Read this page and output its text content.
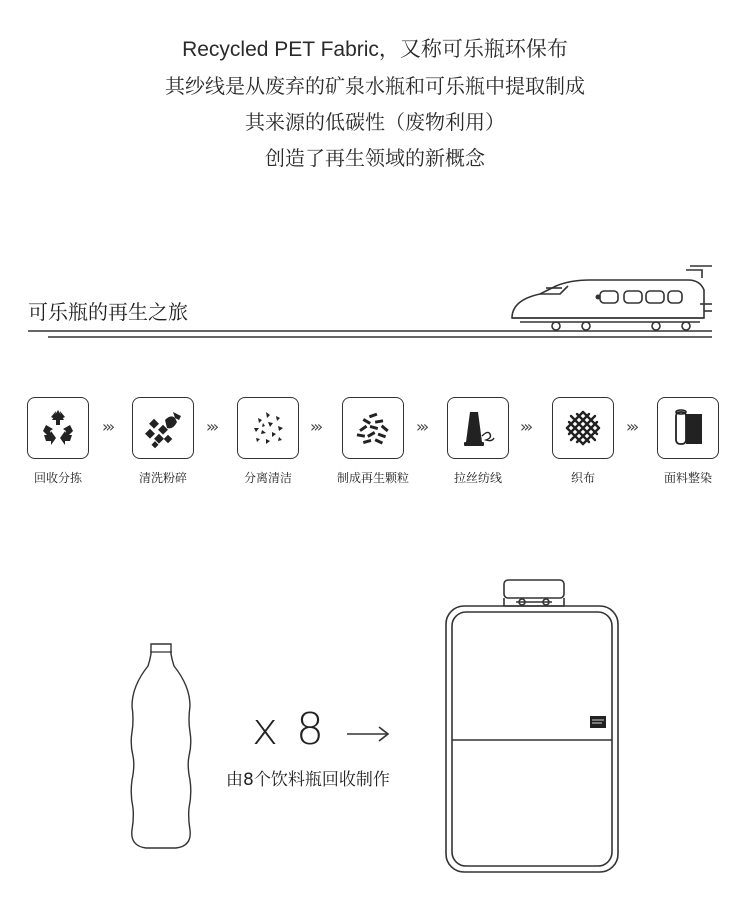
Recycled PET Fabric，又称可乐瓶环保布

其纱线是从废弃的矿泉水瓶和可乐瓶中提取制成

其来源的低碳性（废物利用）

创造了再生领域的新概念

可乐瓶的再生之旅
回收分拣
›››
清洗粉碎
›››
分离清洁
›››
制成再生颗粒
›››
拉丝纺线
›››
织布
›››
面料整染
x 8
由8个饮料瓶回收制作
